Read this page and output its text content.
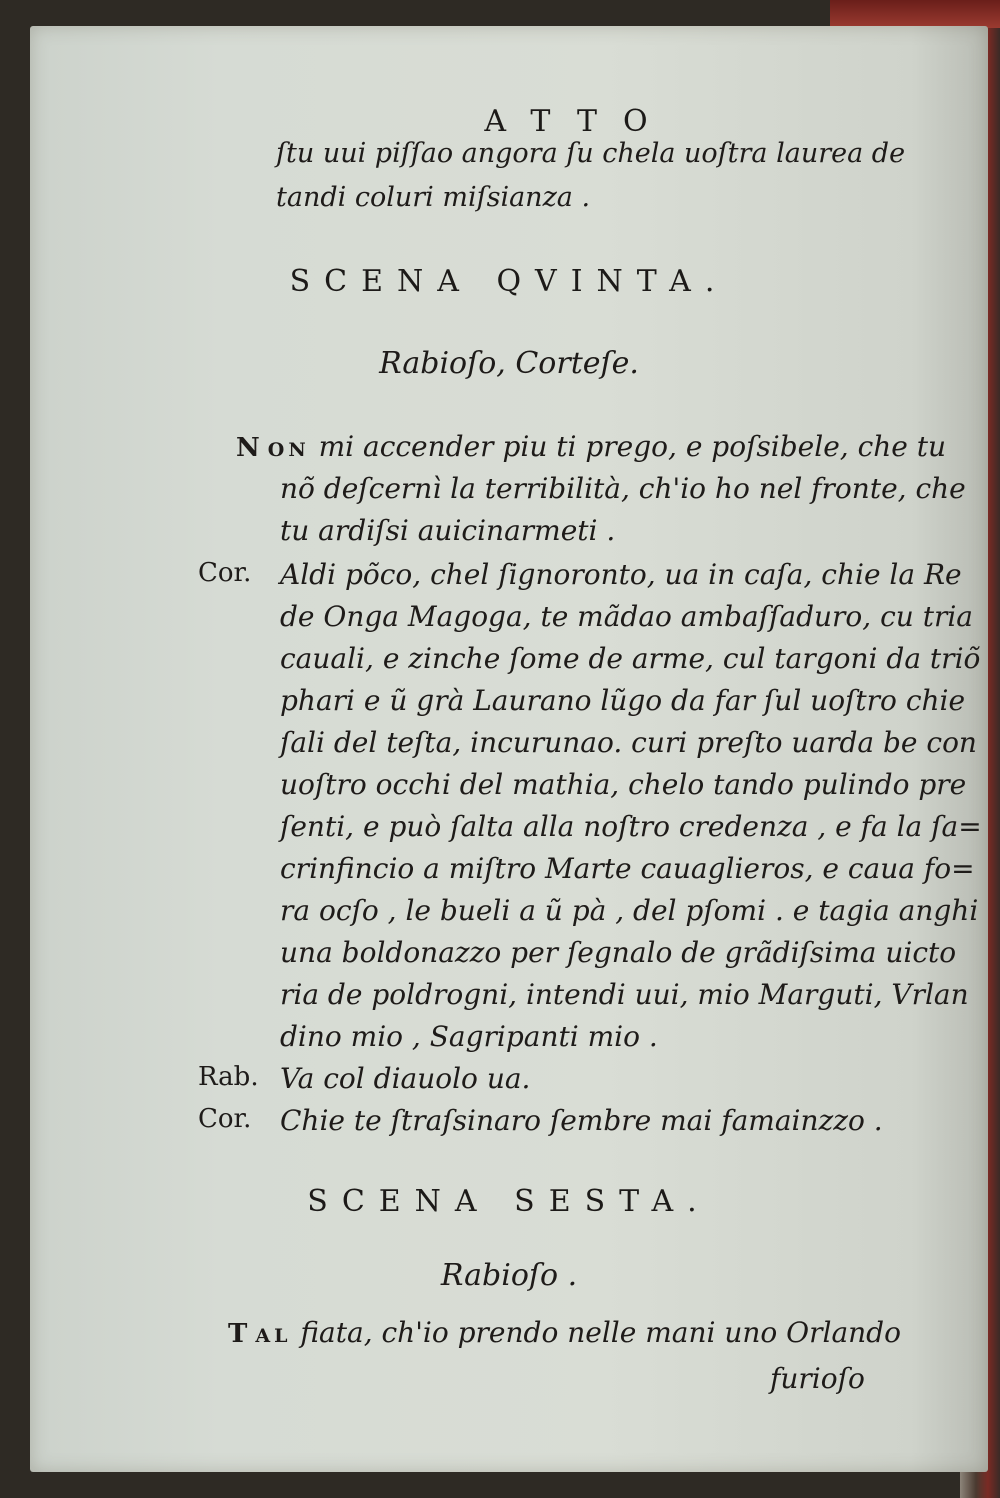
ATTO
ſtu uui piſſao angora ſu chela uoſtra laurea de
tandi coluri miſsianza .
SCENA QVINTA.
Rabioſo, Corteſe.
NON mi accender piu ti prego, e poſsibele, che tu
nõ deſcernì la terribilità, ch'io ho nel fronte, che
tu ardiſsi auicinarmeti .
Cor.	Aldi põco, chel ſignoronto, ua in caſa, chie la Re
de Onga Magoga, te mãdao ambaſſaduro, cu tria
cauali, e zinche ſome de arme, cul targoni da triõ
phari e ũ grà Laurano lũgo da far ſul uoſtro chie
ſali del teſta, incurunao. curi preſto uarda be con
uoſtro occhi del mathia, chelo tando pulindo pre
ſenti, e può ſalta alla noſtro credenza , e fa la ſa=
crinfincio a miſtro Marte cauaglieros, e caua fo=
ra ocſo , le bueli a ũ pà , del pſomi . e tagia anghi
una boldonazzo per ſegnalo de grãdiſsima uicto
ria de poldrogni, intendi uui, mio Marguti, Vrlan
dino mio , Sagripanti mio .
Rab. Va col diauolo ua.
Cor.	Chie te ſtraſsinaro ſembre mai famainzzo .
SCENA SESTA.
Rabioſo .
TAL fiata, ch'io prendo nelle mani uno Orlando
furioſo
